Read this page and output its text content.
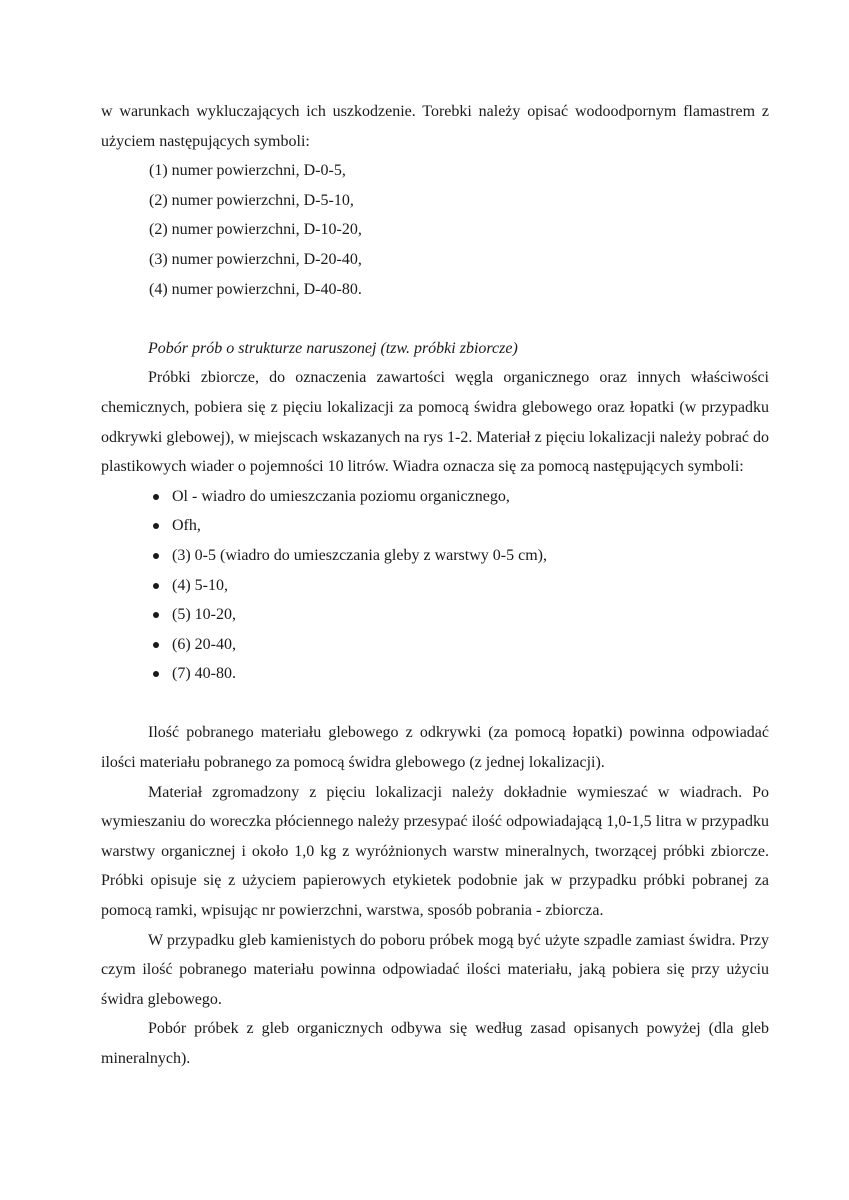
w warunkach wykluczających ich uszkodzenie. Torebki należy opisać wodoodpornym flamastrem z użyciem następujących symboli:

(1) numer powierzchni, D-0-5,
(2) numer powierzchni, D-5-10,
(2) numer powierzchni, D-10-20,
(3) numer powierzchni, D-20-40,
(4) numer powierzchni, D-40-80.

Pobór prób o strukturze naruszonej (tzw. próbki zbiorcze)

Próbki zbiorcze, do oznaczenia zawartości węgla organicznego oraz innych właściwości chemicznych, pobiera się z pięciu lokalizacji za pomocą świdra glebowego oraz łopatki (w przypadku odkrywki glebowej), w miejscach wskazanych na rys 1-2. Materiał z pięciu lokalizacji należy pobrać do plastikowych wiader o pojemności 10 litrów. Wiadra oznacza się za pomocą następujących symboli:

Ol - wiadro do umieszczania poziomu organicznego,
Ofh,
(3) 0-5 (wiadro do umieszczania gleby z warstwy 0-5 cm),
(4) 5-10,
(5) 10-20,
(6) 20-40,
(7) 40-80.

Ilość pobranego materiału glebowego z odkrywki (za pomocą łopatki) powinna odpowiadać ilości materiału pobranego za pomocą świdra glebowego (z jednej lokalizacji).

Materiał zgromadzony z pięciu lokalizacji należy dokładnie wymieszać w wiadrach. Po wymieszaniu do woreczka płóciennego należy przesypać ilość odpowiadającą 1,0-1,5 litra w przypadku warstwy organicznej i około 1,0 kg z wyróżnionych warstw mineralnych, tworzącej próbki zbiorcze. Próbki opisuje się z użyciem papierowych etykietek podobnie jak w przypadku próbki pobranej za pomocą ramki, wpisując nr powierzchni, warstwa, sposób pobrania - zbiorcza.

W przypadku gleb kamienistych do poboru próbek mogą być użyte szpadle zamiast świdra. Przy czym ilość pobranego materiału powinna odpowiadać ilości materiału, jaką pobiera się przy użyciu świdra glebowego.

Pobór próbek z gleb organicznych odbywa się według zasad opisanych powyżej (dla gleb mineralnych).
